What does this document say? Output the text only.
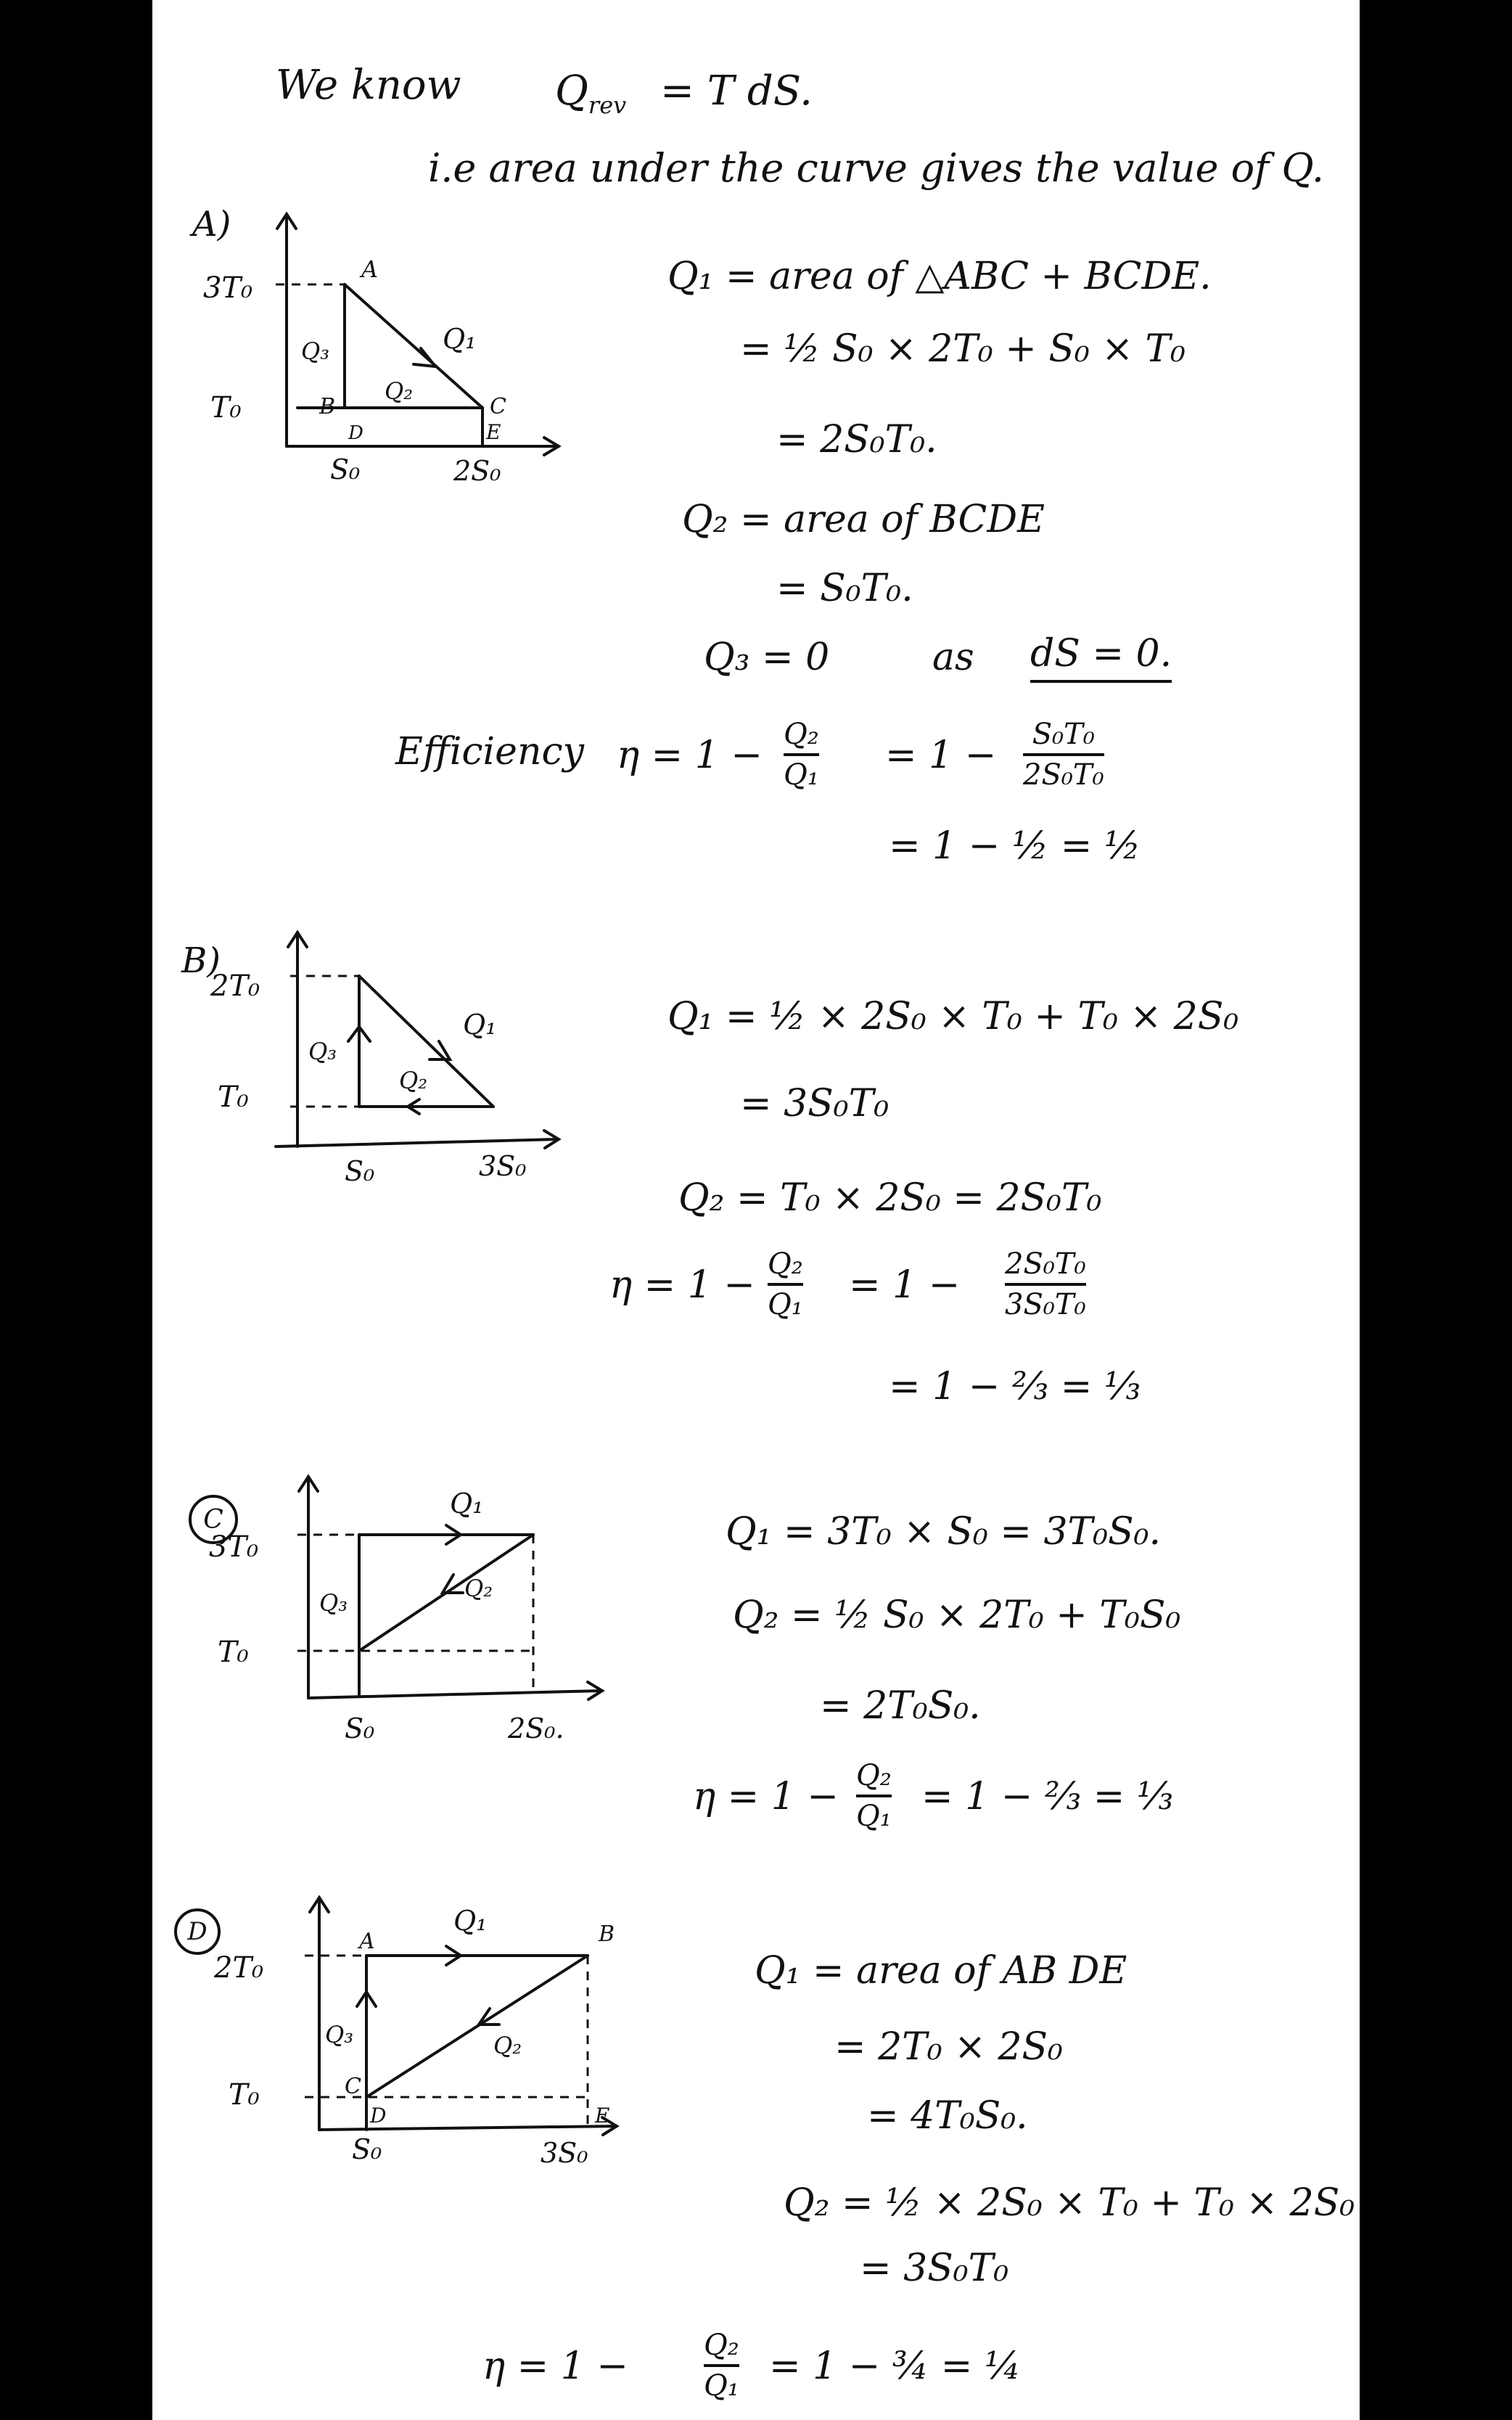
We know $Q_{rev} = T$ dS.
i.e area under the curve gives the value of Q.
A)
3T₀
T₀
S₀	2S₀
A
B	C
D	E
Q₃	Q₁
Q₂
Q₁ = area of △ABC + BCDE.
= ½ S₀ × 2T₀ + S₀ × T₀
= 2S₀T₀.
Q₂ = area of BCDE
= S₀T₀.
Q₃ = 0	as dS = 0.
Efficiency η = 1 − Q₂
Q₁ = 1 − S₀T₀
2S₀T₀
= 1 − ½ = ½
B)
2T₀
T₀
S₀	3S₀
Q₃
Q₁
Q₂
Q₁ = ½ × 2S₀ × T₀ + T₀ × 2S₀
= 3S₀T₀
Q₂ = T₀ × 2S₀ = 2S₀T₀
η = 1 − Q₂
Q₁ = 1 − 2S₀T₀
3S₀T₀
= 1 − ⅔ = ⅓
C
3T₀
T₀
S₀	2S₀.
Q₁
Q₃
Q₂
Q₁ = 3T₀ × S₀ = 3T₀S₀.
Q₂ = ½ S₀ × 2T₀ + T₀S₀
= 2T₀S₀.
η = 1 − Q₂
Q₁ = 1 − ⅔ = ⅓
D
2T₀
T₀
S₀	3S₀
A	B
C
D	E
Q₁
Q₃	Q₂
Q₁ = area of AB DE
= 2T₀ × 2S₀
= 4T₀S₀.
Q₂ = ½ × 2S₀ × T₀ + T₀ × 2S₀
= 3S₀T₀
η = 1 −	Q₂
Q₁ = 1 − ¾ = ¼
